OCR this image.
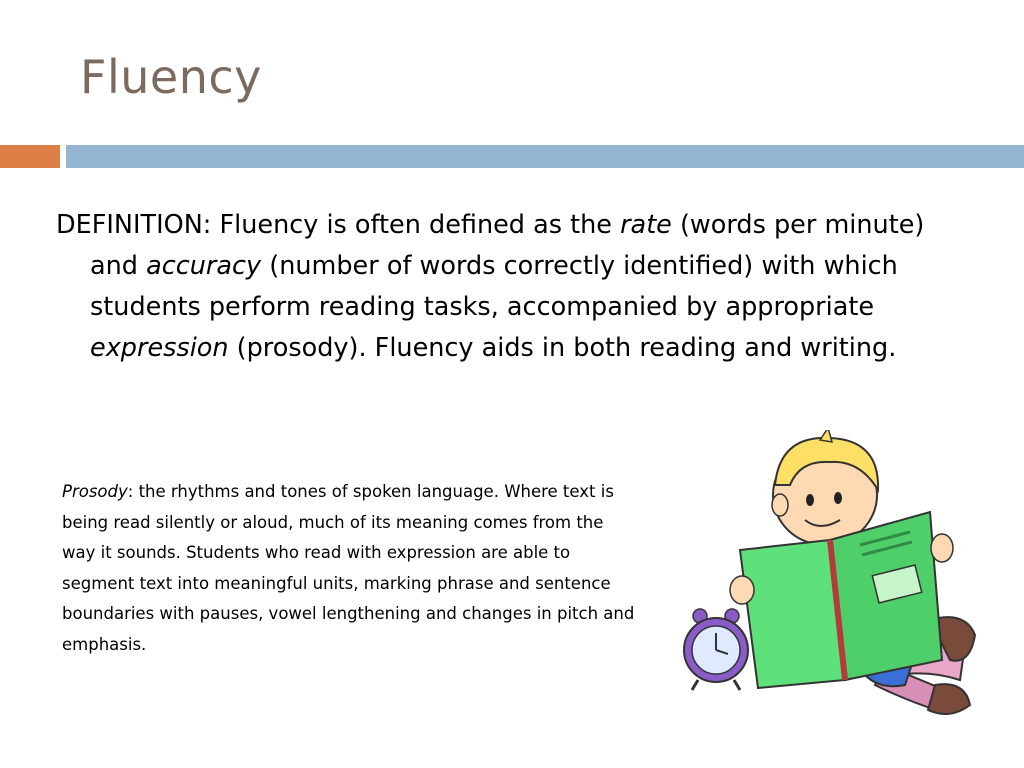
Fluency

DEFINITION: Fluency is often defined as the rate (words per minute) and accuracy (number of words correctly identified) with which students perform reading tasks, accompanied by appropriate expression (prosody). Fluency aids in both reading and writing.

Prosody: the rhythms and tones of spoken language. Where text is being read silently or aloud, much of its meaning comes from the way it sounds. Students who read with expression are able to segment text into meaningful units, marking phrase and sentence boundaries with pauses, vowel lengthening and changes in pitch and emphasis.
